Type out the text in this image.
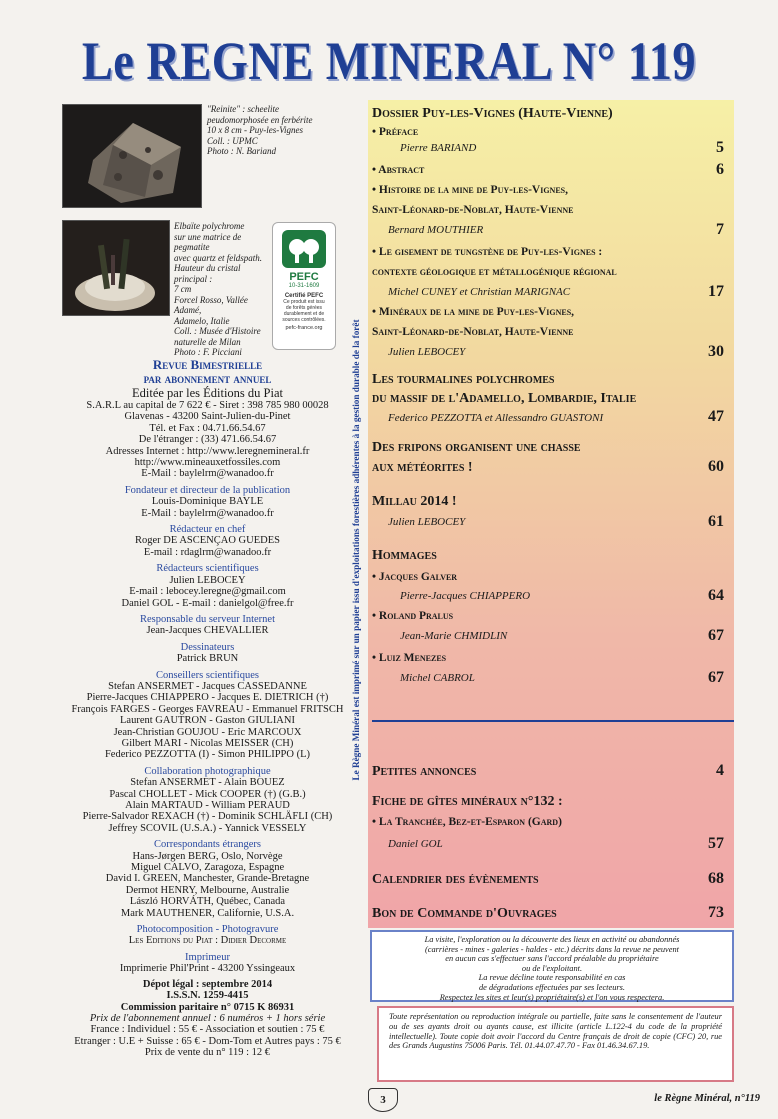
Le REGNE MINERAL N° 119
"Reinite" : scheelite
peudomorphosée en ferbérite
10 x 8 cm - Puy-les-Vignes
Coll. : UPMC
Photo : N. Bariand
Elbaïte polychrome
sur une matrice de pegmatite
avec quartz et feldspath.
Hauteur du cristal principal :
7 cm
Forcel Rosso, Vallée Adamé,
Adamelo, Italie
Coll. : Musée d'Histoire
naturelle de Milan
Photo : F. Picciani
PEFC
10-31-1609
Certifié PEFC
Ce produit est issu
de forêts gérées
durablement et de
sources contrôlées.
pefc-france.org
Revue Bimestrielle
par abonnement annuel
Editée par les Éditions du Piat
S.A.R.L au capital de 7 622 € - Siret : 398 785 980 00028
Glavenas - 43200 Saint-Julien-du-Pinet
Tél. et Fax : 04.71.66.54.67
De l'étranger : (33) 471.66.54.67
Adresses Internet : http://www.leregnemineral.fr
http://www.mineauxetfossiles.com
E-Mail : baylelrm@wanadoo.fr
Fondateur et directeur de la publication
Louis-Dominique BAYLE
E-Mail : baylelrm@wanadoo.fr
Rédacteur en chef
Roger DE ASCENÇAO GUEDES
E-mail : rdaglrm@wanadoo.fr
Rédacteurs scientifiques
Julien LEBOCEY
E-mail : lebocey.leregne@gmail.com
Daniel GOL - E-mail : danielgol@free.fr
Responsable du serveur Internet
Jean-Jacques CHEVALLIER
Dessinateurs
Patrick BRUN
Conseillers scientifiques
Stefan ANSERMET - Jacques CASSEDANNE
Pierre-Jacques CHIAPPERO - Jacques E. DIETRICH (†)
François FARGES - Georges FAVREAU - Emmanuel FRITSCH
Laurent GAUTRON - Gaston GIULIANI
Jean-Christian GOUJOU - Eric MARCOUX
Gilbert MARI - Nicolas MEISSER (CH)
Federico PEZZOTTA (I) - Simon PHILIPPO (L)
Collaboration photographique
Stefan ANSERMET - Alain BOUEZ
Pascal CHOLLET - Mick COOPER (†) (G.B.)
Alain MARTAUD - William PERAUD
Pierre-Salvador REXACH (†) - Dominik SCHLÄFLI (CH)
Jeffrey SCOVIL (U.S.A.) - Yannick VESSELY
Correspondants étrangers
Hans-Jørgen BERG, Oslo, Norvège
Miguel CALVO, Zaragoza, Espagne
David I. GREEN, Manchester, Grande-Bretagne
Dermot HENRY, Melbourne, Australie
László HORVÁTH, Québec, Canada
Mark MAUTHENER, Californie, U.S.A.
Photocomposition - Photogravure
Les Editions du Piat : Didier Decorme
Imprimeur
Imprimerie Phil'Print - 43200 Yssingeaux
Dépot légal : septembre 2014
I.S.S.N. 1259-4415
Commission paritaire n° 0715 K 86931
Prix de l'abonnement annuel : 6 numéros + 1 hors série
France : Individuel : 55 € - Association et soutien : 75 €
Etranger : U.E + Suisse : 65 € - Dom-Tom et Autres pays : 75 €
Prix de vente du n° 119 : 12 €
Le Règne Minéral est imprimé sur un papier issu d'exploitations forestières adhérentes à la gestion durable de la forêt
Dossier Puy-les-Vignes (Haute-Vienne)
• Préface
Pierre BARIAND	5
• Abstract	6
• Histoire de la mine de Puy-les-Vignes,
Saint-Léonard-de-Noblat, Haute-Vienne
Bernard MOUTHIER	7
• Le gisement de tungstène de Puy-les-Vignes :
contexte géologique et métallogénique régional
Michel CUNEY et Christian MARIGNAC	17
• Minéraux de la mine de Puy-les-Vignes,
Saint-Léonard-de-Noblat, Haute-Vienne
Julien LEBOCEY	30
Les tourmalines polychromes
du massif de l'Adamello, Lombardie, Italie
Federico PEZZOTTA et Allessandro GUASTONI	47
Des fripons organisent une chasse
aux météorites !	60
Millau 2014 !
Julien LEBOCEY	61
Hommages
• Jacques Galver
Pierre-Jacques CHIAPPERO	64
• Roland Pralus
Jean-Marie CHMIDLIN	67
• Luiz Menezes
Michel CABROL	67
Petites annonces	4
Fiche de gîtes minéraux n°132 :
• La Tranchée, Bez-et-Esparon (Gard)
Daniel GOL	57
Calendrier des évènements	68
Bon de Commande d'Ouvrages	73
La visite, l'exploration ou la découverte des lieux en activité ou abandonnés
(carrières - mines - galeries - haldes - etc.) décrits dans la revue ne peuvent
en aucun cas s'effectuer sans l'accord préalable du propriétaire
ou de l'exploitant.
La revue décline toute responsabilité en cas
de dégradations effectuées par ses lecteurs.
Respectez les sites et leur(s) propriétaire(s) et l'on vous respectera.
Toute représentation ou reproduction intégrale ou partielle, faite sans le consentement de l'auteur ou de ses ayants droit ou ayants cause, est illicite (article L.122-4 du code de la propriété intellectuelle). Toute copie doit avoir l'accord du Centre français de droit de copie (CFC) 20, rue des Grands Augustins 75006 Paris. Tél. 01.44.07.47.70 - Fax 01.46.34.67.19.
3	le Règne Minéral, n°119
